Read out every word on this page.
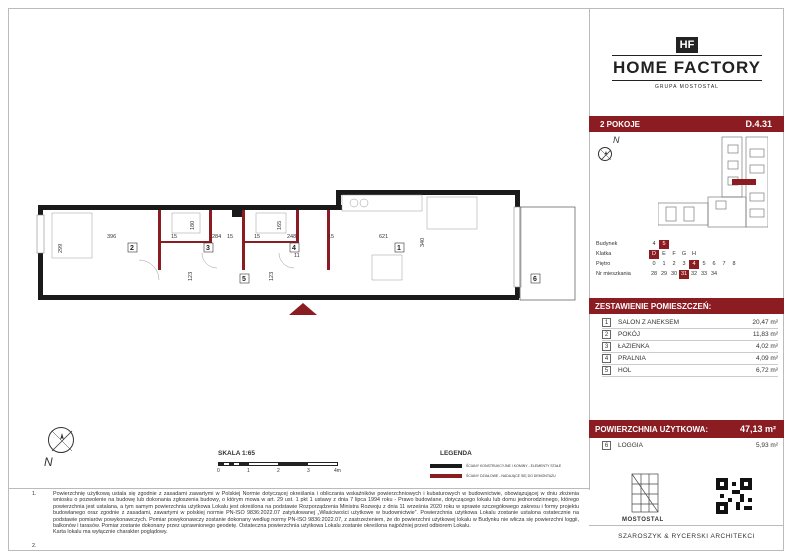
HF
HOME FACTORY
GRUPA MOSTOSTAL
2 POKOJE	D.4.31
N
Budynek	4	5
Klatka	D	E	F	G	H
Piętro	0	1	2	3	4	5	6	7	8
Nr mieszkania	28 29 30 31 32 33 34
ZESTAWIENIE POMIESZCZEŃ:
1	SALON Z ANEKSEM	20,47 m²
2	POKÓJ	11,83 m²
3	ŁAZIENKA	4,02 m²
4	PRALNIA	4,09 m²
5	HOL	6,72 m²
POWIERZCHNIA UŻYTKOWA:	47,13 m²
6	LOGGIA	5,93 m²
396	284	248	621
299
180	165
340
15	15	15	15
123	123
11
1
2	3	4
5	6
N
SKALA 1:65
0	1	2	3	4m
LEGENDA
ŚCIANY KONSTRUKCYJNE I KOMINY - ELEMENTY STAŁE
ŚCIANY DZIAŁOWE - NADAJĄCE SIĘ DO DEMONTAŻU
1.	Powierzchnię użytkową ustala się zgodnie z zasadami zawartymi w Polskiej Normie dotyczącej określania i obliczania wskaźników powierzchniowych i kubaturowych w budownictwie, obowiązującej w dniu złożenia wniosku o pozwolenie na budowę lub dokonania zgłoszenia budowy, o którym mowa w art. 29 ust. 1 pkt 1 ustawy z dnia 7 lipca 1994 roku - Prawo budowlane, dotyczącego lokalu lub domu jednorodzinnego, którego powierzchnia jest ustalana, a tym samym powierzchnia użytkowa Lokalu jest określona na podstawie Rozporządzenia Ministra Rozwoju z dnia 11 września 2020 roku w sprawie szczegółowego zakresu i formy projektu budowlanego oraz zgodnie z zasadami, zawartymi w polskiej normie PN-ISO 9836:2022.07 zatytułowanej „Właściwości użytkowe w budownictwie”. Powierzchnia użytkowa Lokalu zostanie ustalona ostatecznie na podstawie pomiarów powykonawczych. Pomiar powykonawczy zostanie dokonany według normy PN-ISO 9836:2022.07, z zastrzeżeniem, że do powierzchni użytkowej lokalu w Budynku nie wlicza się powierzchni loggii, balkonów i tarasów. Pomiar zostanie dokonany przez uprawnionego geodetę. Ostateczna powierzchnia użytkowa Lokalu zostanie określona najpóźniej przed odbiorem Lokalu.

2.

Karta lokalu ma wyłącznie charakter poglądowy.

MOSTOSTAL
SZAROSZYK & RYCERSKI ARCHITEKCI
